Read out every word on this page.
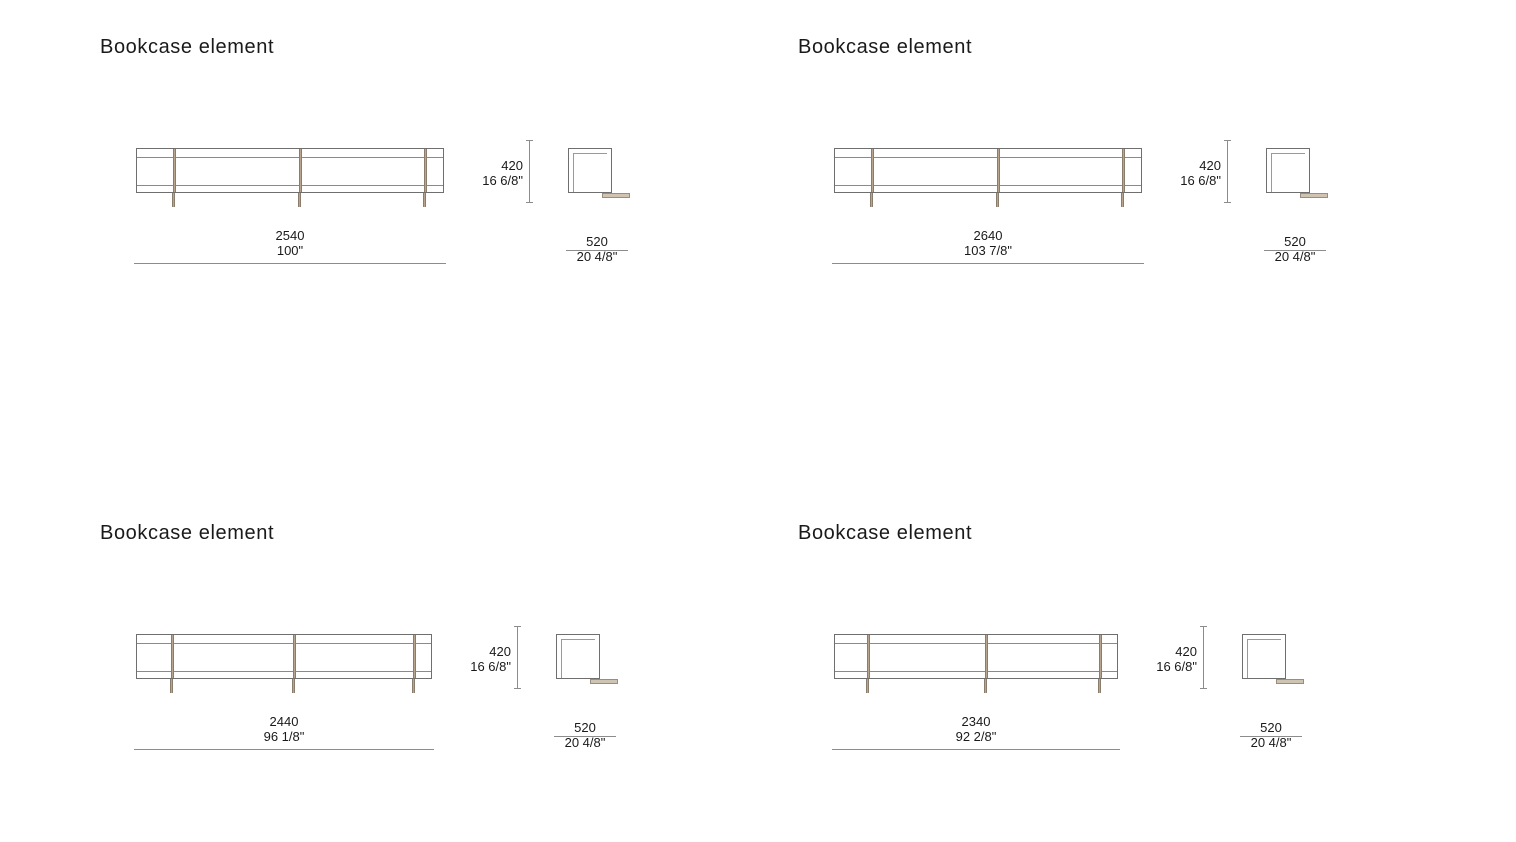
Bookcase element
2540
100"
420
16 6/8"
520
20 4/8"
Bookcase element
2640
103 7/8"
420
16 6/8"
520
20 4/8"
Bookcase element
2440
96 1/8"
420
16 6/8"
520
20 4/8"
Bookcase element
2340
92 2/8"
420
16 6/8"
520
20 4/8"
